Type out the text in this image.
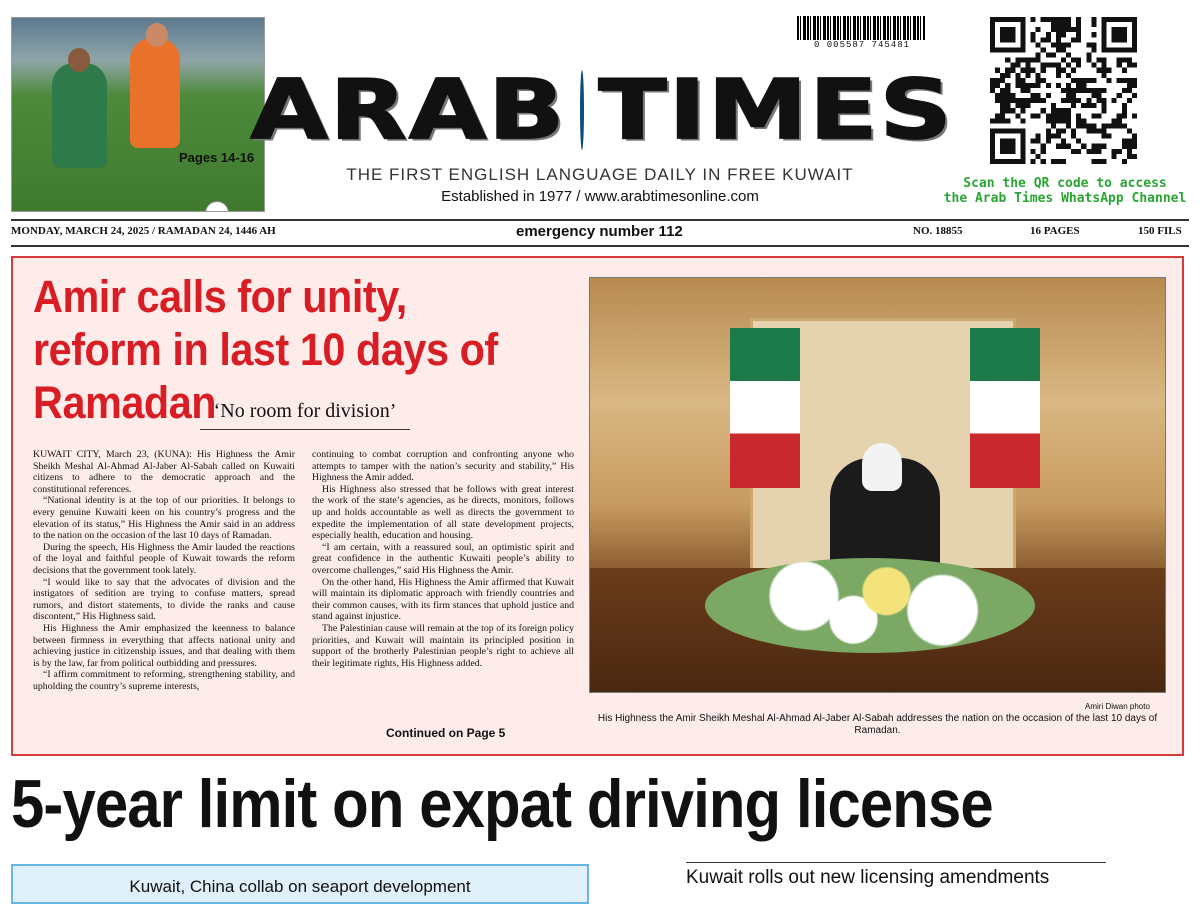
Pages 14-16
0 005587 745481
ARAB TIMES
THE FIRST ENGLISH LANGUAGE DAILY IN FREE KUWAIT
Established in 1977 / www.arabtimesonline.com
Scan the QR code to access
the Arab Times WhatsApp Channel
MONDAY, MARCH 24, 2025 / RAMADAN 24, 1446 AH	emergency number 112	NO. 18855	16 PAGES	150 FILS
Amir calls for unity, reform in last 10 days of Ramadan
‘No room for division’

KUWAIT CITY, March 23, (KUNA): His Highness the Amir Sheikh Meshal Al-Ahmad Al-Jaber Al-Sabah called on Kuwaiti citizens to adhere to the democratic approach and the constitutional references.

“National identity is at the top of our priorities. It belongs to every genuine Kuwaiti keen on his country’s progress and the elevation of its status,” His Highness the Amir said in an address to the nation on the occasion of the last 10 days of Ramadan.

During the speech, His Highness the Amir lauded the reactions of the loyal and faithful people of Kuwait towards the reform decisions that the government took lately.

“I would like to say that the advocates of division and the instigators of sedition are trying to confuse matters, spread rumors, and distort statements, to divide the ranks and cause discontent,” His Highness said.

His Highness the Amir emphasized the keenness to balance between firmness in everything that affects national unity and achieving justice in citizenship issues, and that dealing with them is by the law, far from political outbidding and pressures.

“I affirm commitment to reforming, strengthening stability, and upholding the country’s supreme interests,

continuing to combat corruption and confronting anyone who attempts to tamper with the nation’s security and stability,” His Highness the Amir added.

His Highness also stressed that he follows with great interest the work of the state’s agencies, as he directs, monitors, follows up and holds accountable as well as directs the government to expedite the implementation of all state development projects, especially health, education and housing.

“I am certain, with a reassured soul, an optimistic spirit and great confidence in the authentic Kuwaiti people’s ability to overcome challenges,” said His Highness the Amir.

On the other hand, His Highness the Amir affirmed that Kuwait will maintain its diplomatic approach with friendly countries and their common causes, with its firm stances that uphold justice and stand against injustice.

The Palestinian cause will remain at the top of its foreign policy priorities, and Kuwait will maintain its principled position in support of the brotherly Palestinian people’s right to achieve all their legitimate rights, His Highness added.

Continued on Page 5
Amiri Diwan photo
His Highness the Amir Sheikh Meshal Al-Ahmad Al-Jaber Al-Sabah addresses the nation on the occasion of the last 10 days of Ramadan.
5-year limit on expat driving license
Kuwait, China collab on seaport development	Kuwait rolls out new licensing amendments
